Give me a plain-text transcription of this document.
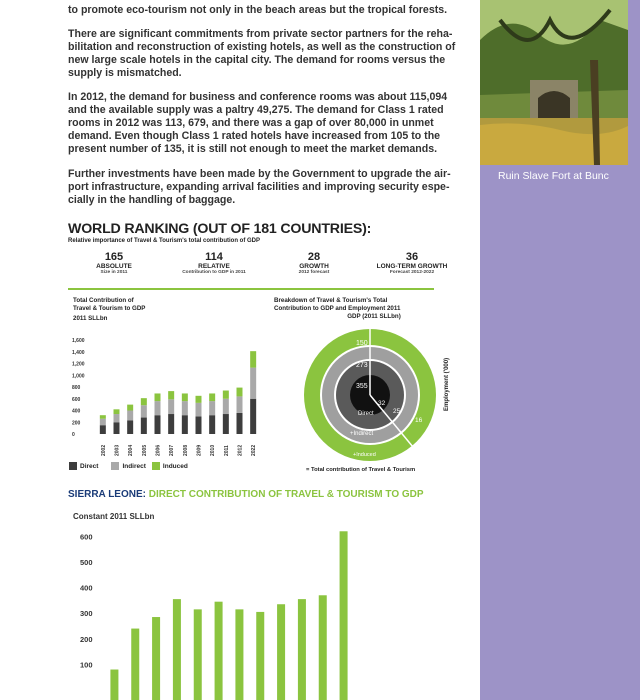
Ruin Slave Fort at Bunc

to promote eco-tourism not only in the beach areas but the tropical forests.

There are significant commitments from private sector partners for the reha-bilitation and reconstruction of existing hotels, as well as the construction of new large scale hotels in the capital city. The demand for rooms versus the supply is mismatched.

In 2012, the demand for business and conference rooms was about 115,094 and the available supply was a paltry 49,275. The demand for Class 1 rated rooms in 2012 was 113, 679, and there was a gap of over 80,000 in unmet demand. Even though Class 1 rated hotels have increased from 105 to the present number of 135, it is still not enough to meet the market demands.

Further investments have been made by the Government to upgrade the air-port infrastructure, expanding arrival facilities and improving security espe-cially in the handling of baggage.

WORLD RANKING (OUT OF 181 COUNTRIES):
Relative importance of Travel & Tourism's total contribution of GDP
165
ABSOLUTE
Size in 2011
114
RELATIVE
Contribution to GDP in 2011
28
GROWTH
2012 forecast
36
LONG-TERM GROWTH
Forecast 2012-2022
Total Contribution of
Travel & Tourism to GDP
2011 SLLbn
1,600
1,400
1,200
1,000
800
600
400
200
0
2002 2003 2004 2005 2006 2007 2008 2009 2010 2011 2012 2022
Direct	Indirect	Induced
Breakdown of Travel & Tourism's Total
Contribution to GDP and Employment 2011
GDP (2011 SLLbn)
150
273
355
32
Direct	25
16
+Indirect
+Induced
Employment ('000)
= Total contribution of Travel & Tourism
SIERRA LEONE: DIRECT CONTRIBUTION OF TRAVEL & TOURISM TO GDP
Constant 2011 SLLbn
600
500
400
300
200
100
